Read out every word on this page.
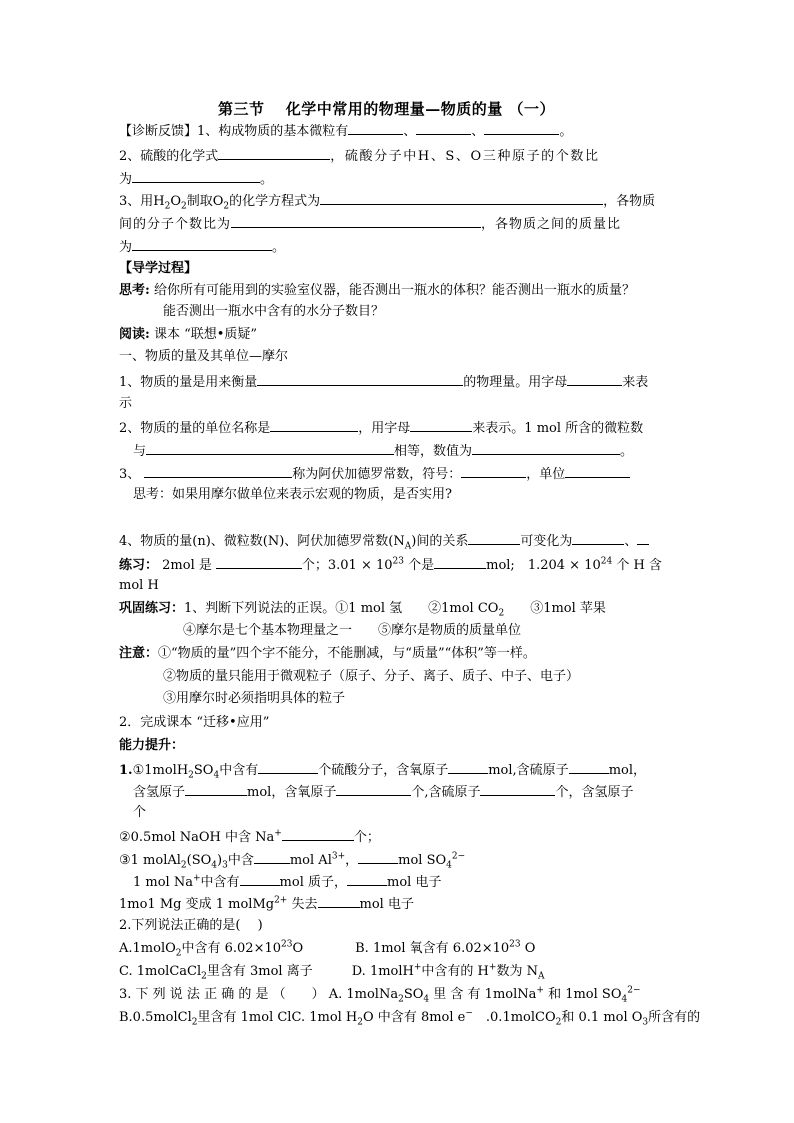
第三节　 化学中常用的物理量—物质的量 （一）
【诊断反馈】1、构成物质的基本微粒有	、	、	。
2、硫酸的化学式	，硫酸分子中H、S、O三种原子的个数比
为	。
3、用$H_2O_2$制取$O_2$的化学方程式为	，各物质
间的分子个数比为	，各物质之间的质量比
为	。
【导学过程】
思考: 给你所有可能用到的实验室仪器，能否测出一瓶水的体积？能否测出一瓶水的质量？
能否测出一瓶水中含有的水分子数目？
阅读: 课本 “联想•质疑”
一、物质的量及其单位—摩尔
1、物质的量是用来衡量	的物理量。用字母	来表
示
2、物质的量的单位名称是	，用字母	来表示。1 mol 所含的微粒数
与	相等，数值为	。
3、	称为阿伏加德罗常数，符号：	，单位
思考：如果用摩尔做单位来表示宏观的物质，是否实用?
4、物质的量(n)、微粒数(N)、阿伏加德罗常数$(N_A)$间的关系	可变化为	、
练习： 2mol 是	个；$3.01 \times 10^{23}$ 个是	mol;　$1.204 \times 10^{24}$ 个 H 含
mol H
巩固练习：1、判断下列说法的正误。①1 mol 氢　　②1mol $CO_2$　　③1mol 苹果
④摩尔是七个基本物理量之一　　⑤摩尔是物质的质量单位
注意：①“物质的量”四个字不能分，不能删减，与“质量”“体积”等一样。
②物质的量只能用于微观粒子（原子、分子、离子、质子、中子、电子）
③用摩尔时必须指明具体的粒子
2．完成课本 “迁移•应用”
能力提升：
$1.①1molH_2SO_4$中含有	个硫酸分子，含氧原子	mol,含硫原子	mol，
含氢原子	mol，含氧原子	个,含硫原子	个，含氢原子
个
②0.5mol NaOH 中含 Na+	个；
③1 $molAl_2(SO_4)_3$中含	mol $Al^{3+}$，	mol $SO_4^{2-}$
1 mol Na+中含有	mol 质子，	mol 电子
1mo1 Mg 变成 1 molMg$^{2+}$ 失去	mol 电子
2.下列说法正确的是(　 )
A.1molO$_2$中含有 $6.02\times 10^{23}O$　　　　B. 1mol 氧含有 $6.02\times 10^{23}$ O
C. 1molCaCl$_2$里含有 3mol 离子　　　D. 1molH+中含有的 H+数为 $N_A$
3. 下 列 说 法 正 确 的 是 （　　） A. $1molNa_2SO_4$ 里 含 有 1molNa+ 和 1mol $SO_4^{2-}$
B.0.5molCl$_2$里含有 1mol ClC. 1mol $H_2O$ 中含有 8mol e−　.0.1molCO$_2$和 0.1 mol $O_3$所含有的
